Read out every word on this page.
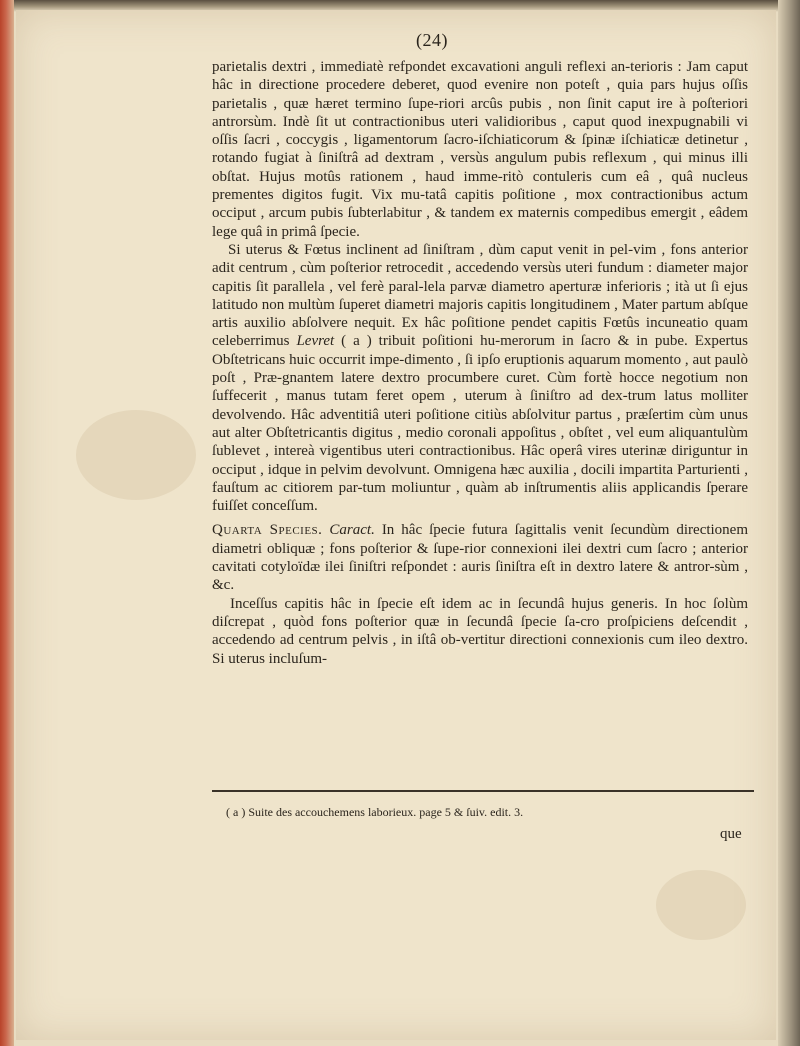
(24)

parietalis dextri , immediatè refpondet excavationi anguli reflexi an-terioris : Jam caput hâc in directione procedere deberet, quod evenire non poteſt , quia pars hujus oſſis parietalis , quæ hæret termino ſupe-riori arcûs pubis , non ſinit caput ire à poſteriori antrorsùm. Indè ſit ut contractionibus uteri validioribus , caput quod inexpugnabili vi oſſis ſacri , coccygis , ligamentorum ſacro-iſchiaticorum & ſpinæ iſchiaticæ detinetur , rotando fugiat à ſiniſtrâ ad dextram , versùs angulum pubis reflexum , qui minus illi obſtat. Hujus motûs rationem , haud imme-ritò contuleris cum eâ , quâ nucleus prementes digitos fugit. Vix mu-tatâ capitis poſitione , mox contractionibus actum occiput , arcum pubis ſubterlabitur , & tandem ex maternis compedibus emergit , eâdem lege quâ in primâ ſpecie.

Si uterus & Fœtus inclinent ad ſiniſtram , dùm caput venit in pel-vim , fons anterior adit centrum , cùm poſterior retrocedit , accedendo versùs uteri fundum : diameter major capitis ſit parallela , vel ferè paral-lela parvæ diametro aperturæ inferioris ; ità ut ſi ejus latitudo non multùm ſuperet diametri majoris capitis longitudinem , Mater partum abſque artis auxilio abſolvere nequit. Ex hâc poſitione pendet capitis Fœtûs incuneatio quam celeberrimus Levret ( a ) tribuit poſitioni hu-merorum in ſacro & in pube. Expertus Obſtetricans huic occurrit impe-dimento , ſi ipſo eruptionis aquarum momento , aut paulò poſt , Præ-gnantem latere dextro procumbere curet. Cùm fortè hocce negotium non ſuffecerit , manus tutam feret opem , uterum à ſiniſtro ad dex-trum latus molliter devolvendo. Hâc adventitiâ uteri poſitione citiùs abſolvitur partus , præſertim cùm unus aut alter Obſtetricantis digitus , medio coronali appoſitus , obſtet , vel eum aliquantulùm ſublevet , intereà vigentibus uteri contractionibus. Hâc operâ vires uterinæ diriguntur in occiput , idque in pelvim devolvunt. Omnigena hæc auxilia , docili impartita Parturienti , fauſtum ac citiorem par-tum moliuntur , quàm ab inſtrumentis aliis applicandis ſperare fuiſſet conceſſum.

Quarta Species. Caract. In hâc ſpecie futura ſagittalis venit ſecundùm directionem diametri obliquæ ; fons poſterior & ſupe-rior connexioni ilei dextri cum ſacro ; anterior cavitati cotyloïdæ ilei ſiniſtri reſpondet : auris ſiniſtra eſt in dextro latere & antror-sùm , &c.

Inceſſus capitis hâc in ſpecie eſt idem ac in ſecundâ hujus generis. In hoc ſolùm diſcrepat , quòd fons poſterior quæ in ſecundâ ſpecie ſa-cro proſpiciens deſcendit , accedendo ad centrum pelvis , in iſtâ ob-vertitur directioni connexionis cum ileo dextro. Si uterus incluſum-

( a ) Suite des accouchemens laborieux. page 5 & ſuiv. edit. 3.
que
